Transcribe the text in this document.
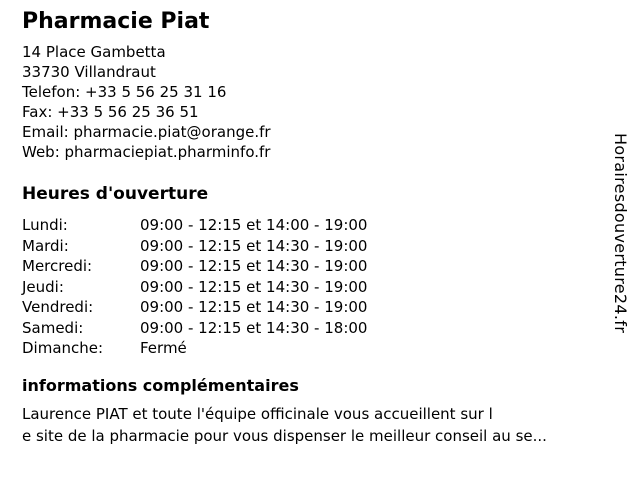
Pharmacie Piat
14 Place Gambetta
33730 Villandraut
Telefon: +33 5 56 25 31 16
Fax: +33 5 56 25 36 51
Email: pharmacie.piat@orange.fr
Web: pharmaciepiat.pharminfo.fr
Heures d'ouverture
Lundi:	09:00 - 12:15 et 14:00 - 19:00
Mardi:	09:00 - 12:15 et 14:30 - 19:00
Mercredi:	09:00 - 12:15 et 14:30 - 19:00
Jeudi:	09:00 - 12:15 et 14:30 - 19:00
Vendredi:	09:00 - 12:15 et 14:30 - 19:00
Samedi:	09:00 - 12:15 et 14:30 - 18:00
Dimanche:	Fermé
informations complémentaires
Laurence PIAT et toute l'équipe officinale vous accueillent sur l
e site de la pharmacie pour vous dispenser le meilleur conseil au se...
Horairesdouverture24.fr
